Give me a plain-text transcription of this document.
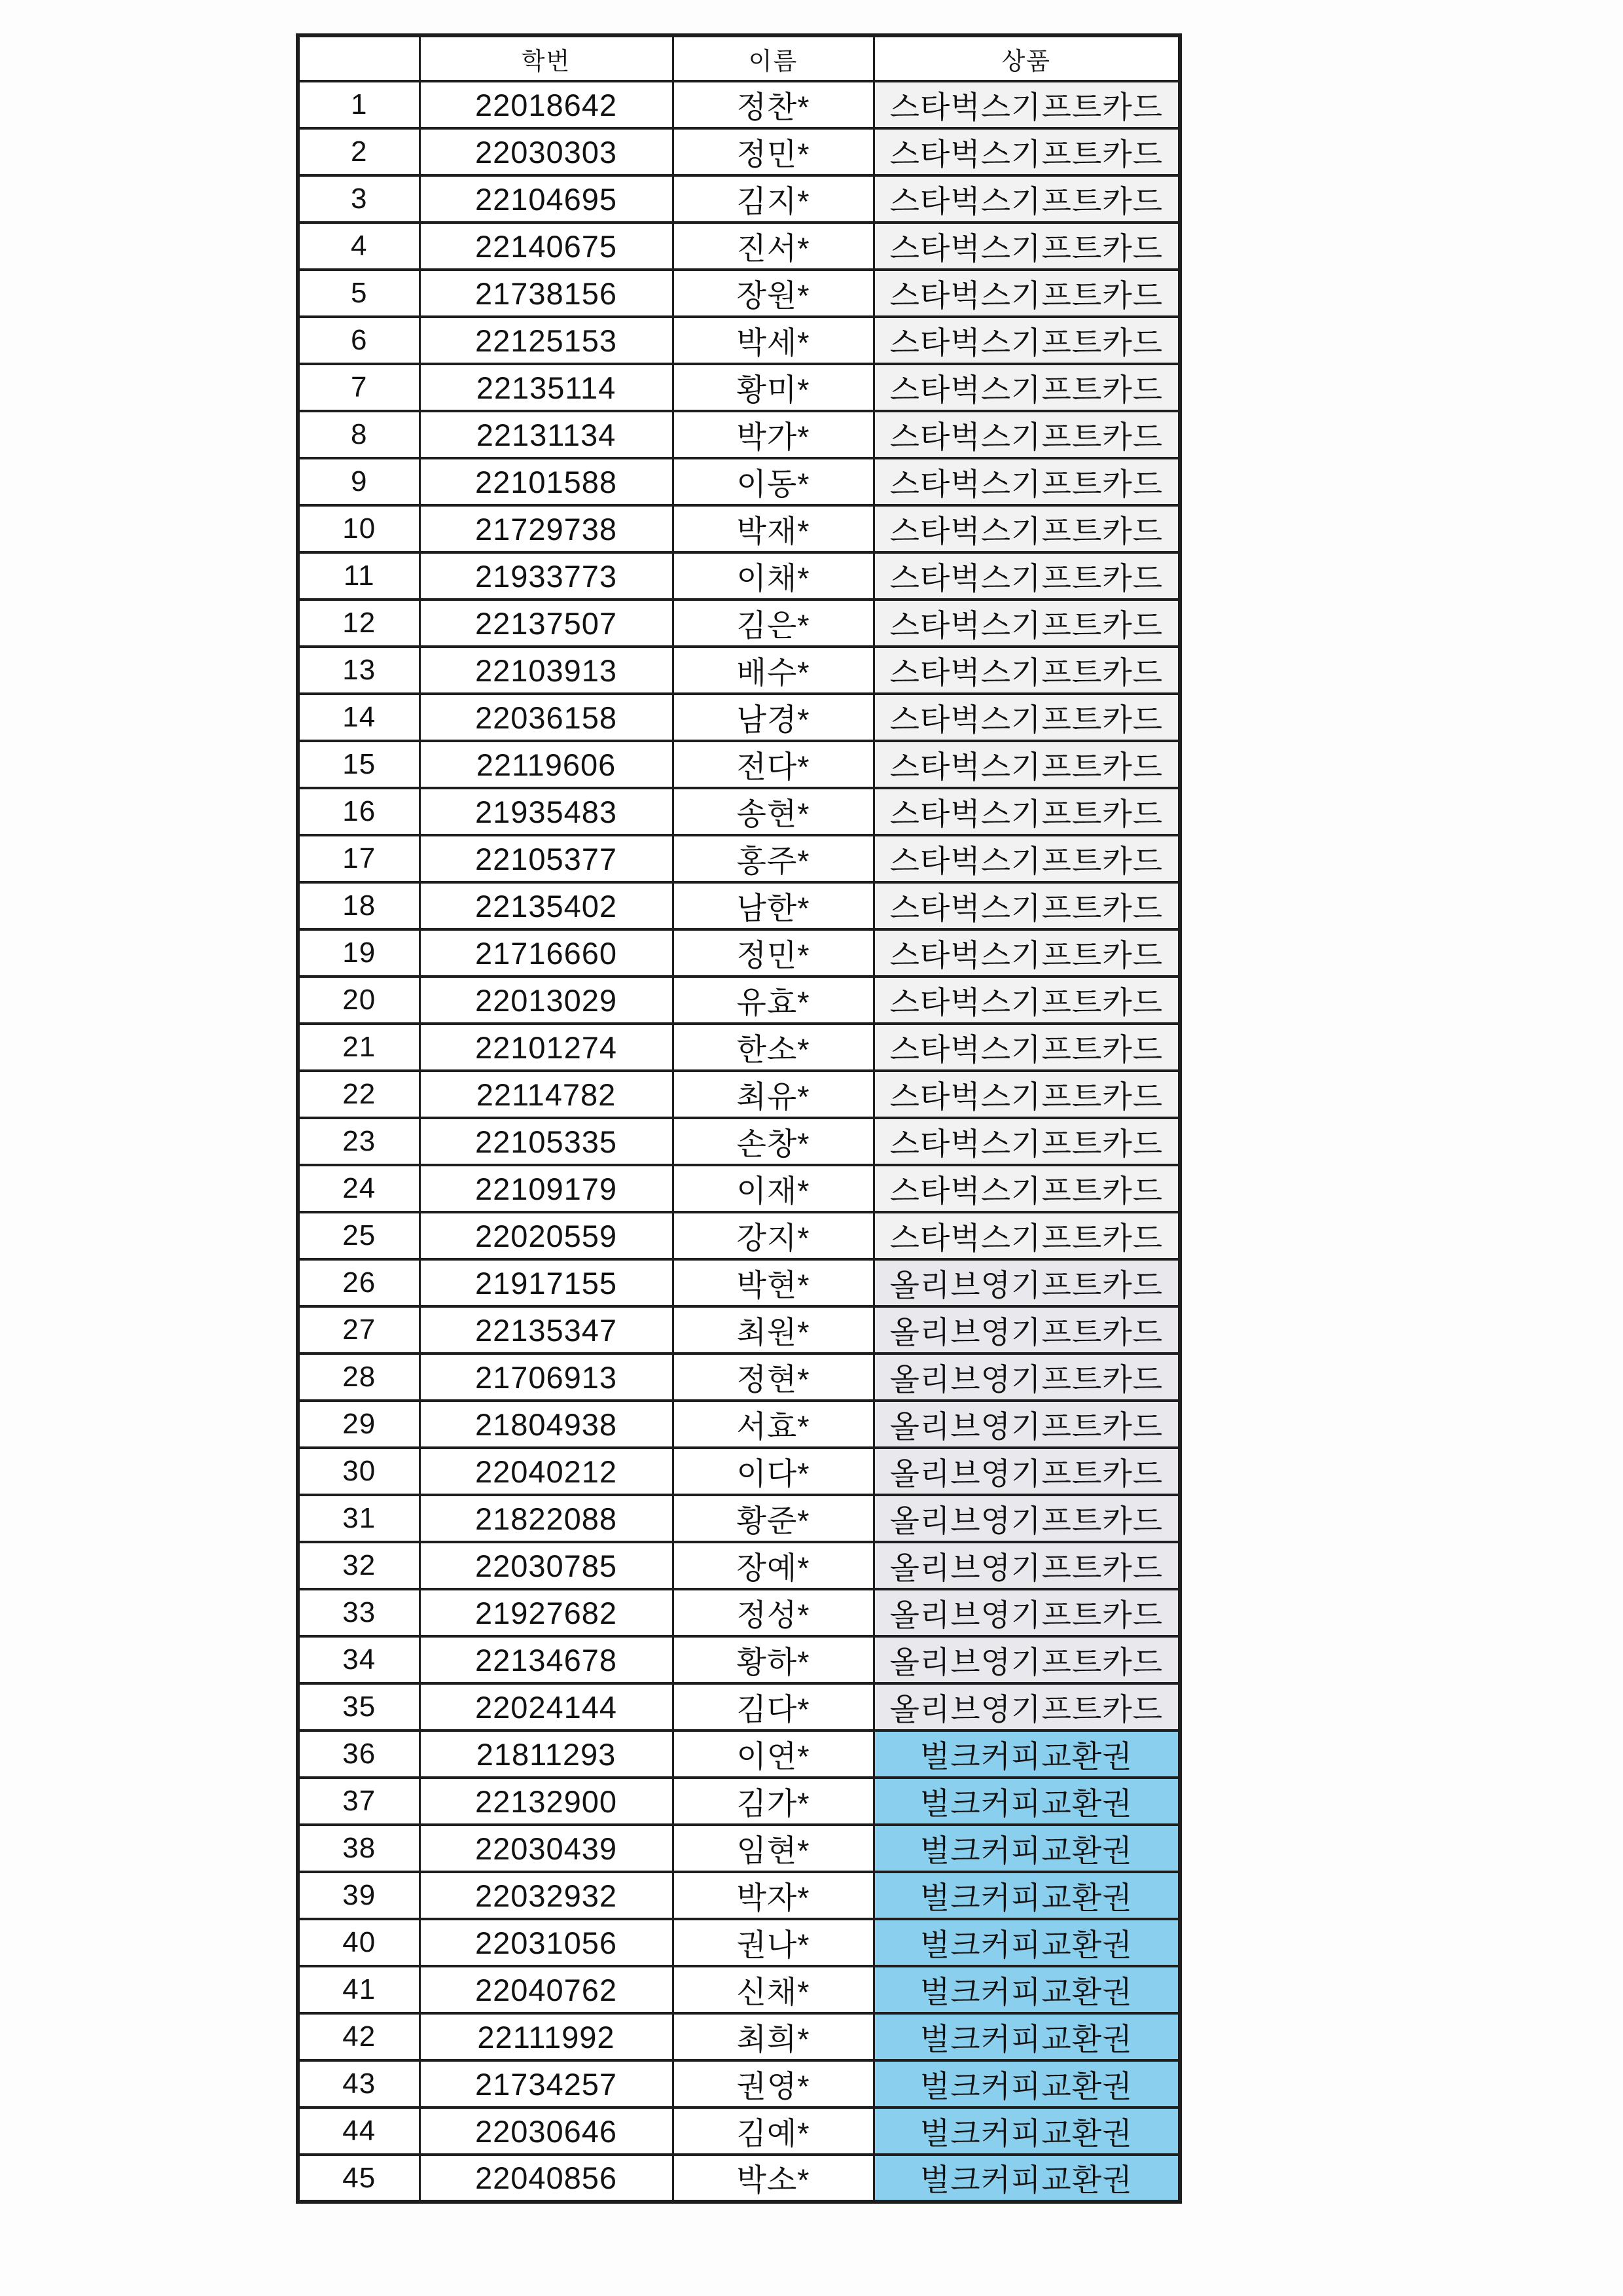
	학번	이름	상품
1	22018642	정찬*	스타벅스기프트카드
2	22030303	정민*	스타벅스기프트카드
3	22104695	김지*	스타벅스기프트카드
4	22140675	진서*	스타벅스기프트카드
5	21738156	장원*	스타벅스기프트카드
6	22125153	박세*	스타벅스기프트카드
7	22135114	황미*	스타벅스기프트카드
8	22131134	박가*	스타벅스기프트카드
9	22101588	이동*	스타벅스기프트카드
10	21729738	박재*	스타벅스기프트카드
11	21933773	이채*	스타벅스기프트카드
12	22137507	김은*	스타벅스기프트카드
13	22103913	배수*	스타벅스기프트카드
14	22036158	남경*	스타벅스기프트카드
15	22119606	전다*	스타벅스기프트카드
16	21935483	송현*	스타벅스기프트카드
17	22105377	홍주*	스타벅스기프트카드
18	22135402	남한*	스타벅스기프트카드
19	21716660	정민*	스타벅스기프트카드
20	22013029	유효*	스타벅스기프트카드
21	22101274	한소*	스타벅스기프트카드
22	22114782	최유*	스타벅스기프트카드
23	22105335	손창*	스타벅스기프트카드
24	22109179	이재*	스타벅스기프트카드
25	22020559	강지*	스타벅스기프트카드
26	21917155	박현*	올리브영기프트카드
27	22135347	최원*	올리브영기프트카드
28	21706913	정현*	올리브영기프트카드
29	21804938	서효*	올리브영기프트카드
30	22040212	이다*	올리브영기프트카드
31	21822088	황준*	올리브영기프트카드
32	22030785	장예*	올리브영기프트카드
33	21927682	정성*	올리브영기프트카드
34	22134678	황하*	올리브영기프트카드
35	22024144	김다*	올리브영기프트카드
36	21811293	이연*	벌크커피교환권
37	22132900	김가*	벌크커피교환권
38	22030439	임현*	벌크커피교환권
39	22032932	박자*	벌크커피교환권
40	22031056	권나*	벌크커피교환권
41	22040762	신채*	벌크커피교환권
42	22111992	최희*	벌크커피교환권
43	21734257	권영*	벌크커피교환권
44	22030646	김예*	벌크커피교환권
45	22040856	박소*	벌크커피교환권
